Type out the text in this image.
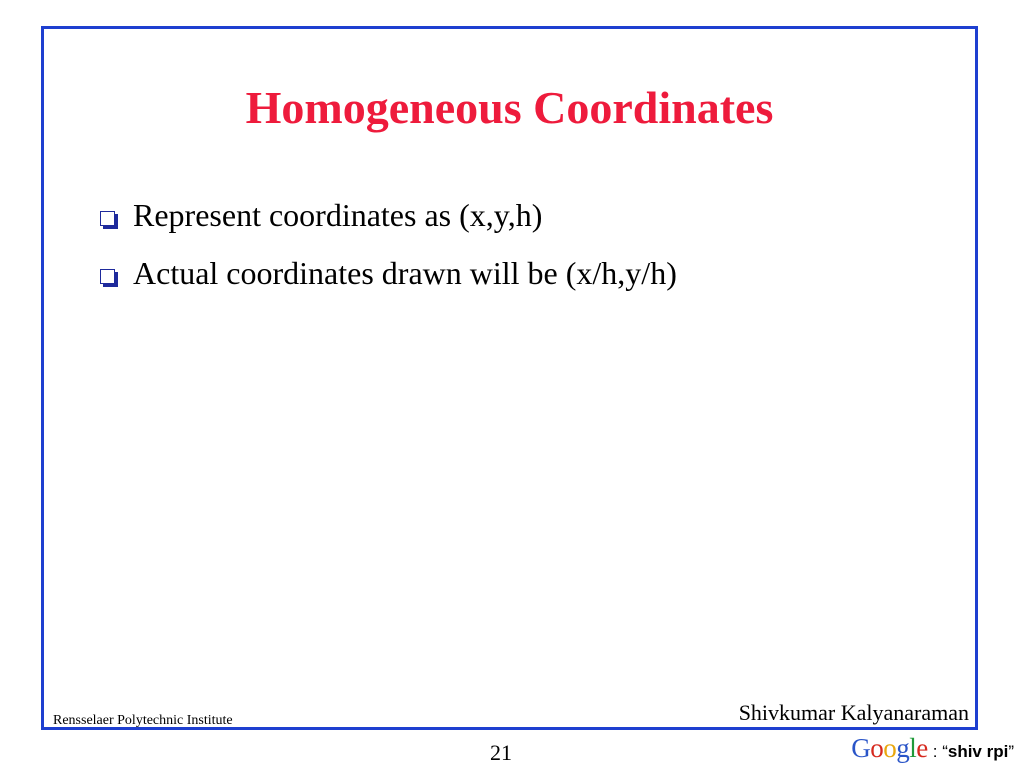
Homogeneous Coordinates
Represent coordinates as (x,y,h)
Actual coordinates drawn will be (x/h,y/h)
Rensselaer Polytechnic Institute	Shivkumar Kalyanaraman
21	Google : “shiv rpi”
